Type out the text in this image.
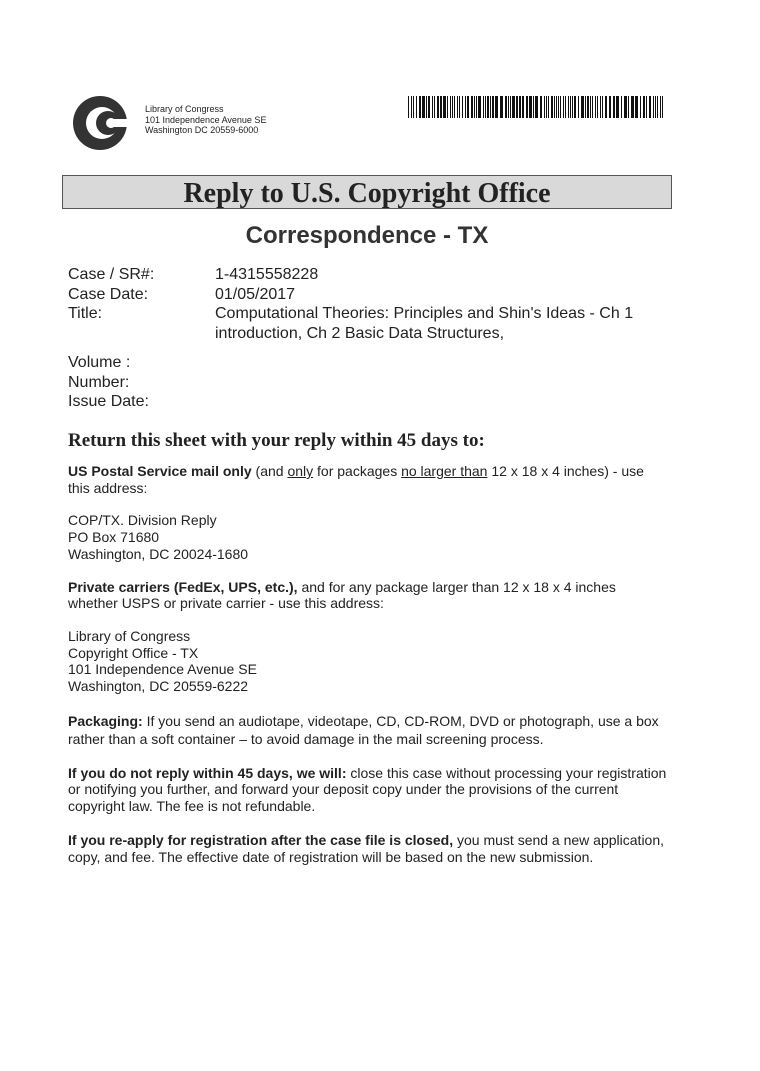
Library of Congress
101 Independence Avenue SE
Washington DC 20559-6000
Reply to U.S. Copyright Office
Correspondence - TX
Case / SR#:	1-4315558228
Case Date:	01/05/2017
Title:	Computational Theories: Principles and Shin's Ideas - Ch 1 introduction, Ch 2 Basic Data Structures,
Volume :
Number:
Issue Date:
Return this sheet with your reply within 45 days to:

US Postal Service mail only (and only for packages no larger than 12 x 18 x 4 inches) - use this address:

COP/TX. Division Reply
PO Box 71680
Washington, DC 20024-1680

Private carriers (FedEx, UPS, etc.), and for any package larger than 12 x 18 x 4 inches whether USPS or private carrier - use this address:

Library of Congress
Copyright Office - TX
101 Independence Avenue SE
Washington, DC 20559-6222

Packaging: If you send an audiotape, videotape, CD, CD-ROM, DVD or photograph, use a box rather than a soft container – to avoid damage in the mail screening process.

If you do not reply within 45 days, we will: close this case without processing your registration or notifying you further, and forward your deposit copy under the provisions of the current copyright law. The fee is not refundable.

If you re-apply for registration after the case file is closed, you must send a new application, copy, and fee. The effective date of registration will be based on the new submission.
